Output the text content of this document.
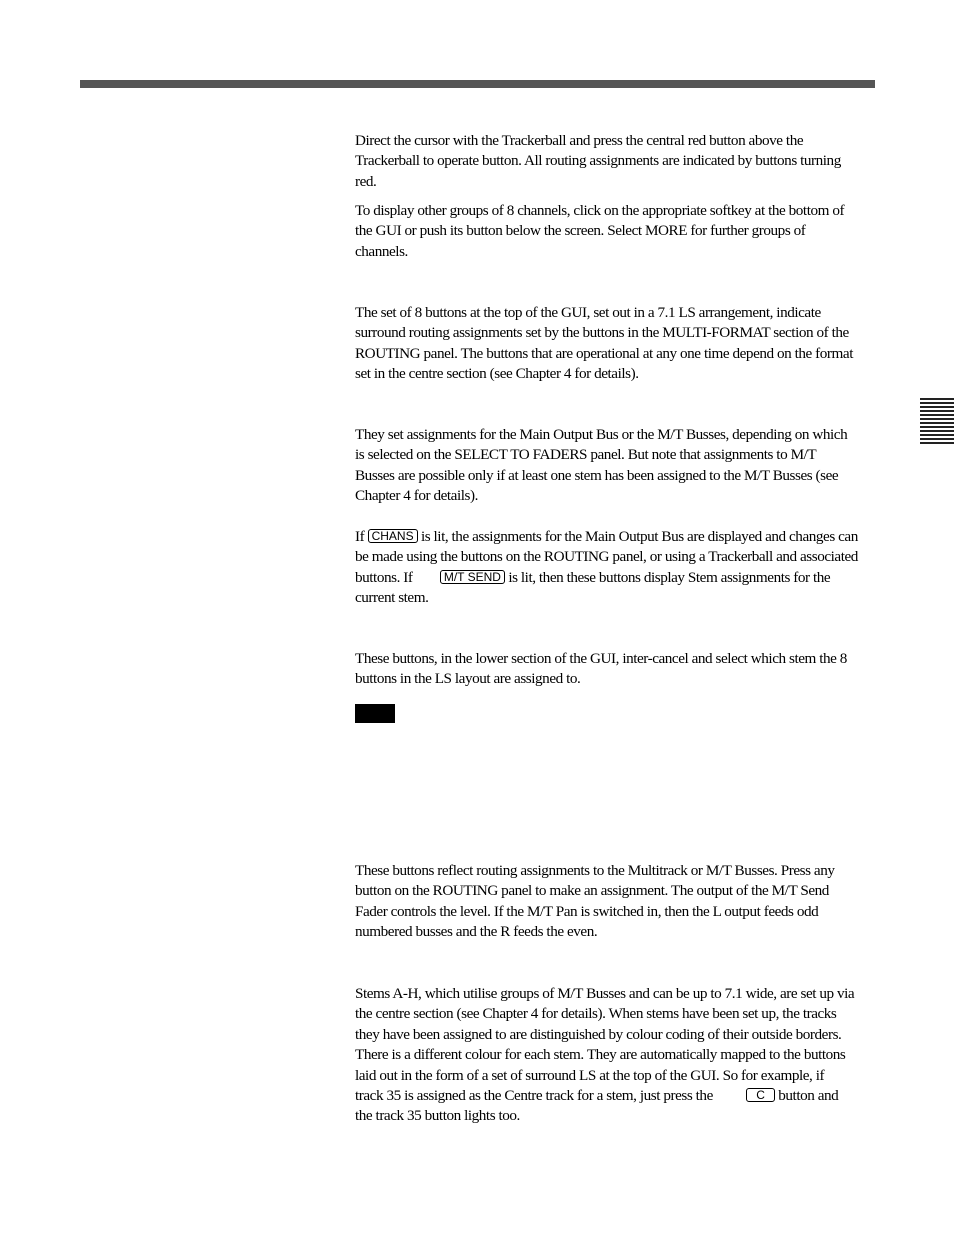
Direct the cursor with the Trackerball and press the central red button above the Trackerball to operate button. All routing assignments are indicated by buttons turning red.

To display other groups of 8 channels, click on the appropriate softkey at the bottom of the GUI or push its button below the screen. Select MORE for further groups of channels.

The set of 8 buttons at the top of the GUI, set out in a 7.1 LS arrangement, indicate surround routing assignments set by the buttons in the MULTI-FORMAT section of the ROUTING panel. The buttons that are operational at any one time depend on the format set in the centre section (see Chapter 4 for details).

They set assignments for the Main Output Bus or the M/T Busses, depending on which is selected on the SELECT TO FADERS panel. But note that assignments to M/T Busses are possible only if at least one stem has been assigned to the M/T Busses (see Chapter 4 for details).

If CHANS is lit, the assignments for the Main Output Bus are displayed and changes can be made using the buttons on the ROUTING panel, or using a Trackerball and associated buttons. If	M/T SEND is lit, then these buttons display Stem assignments for the current stem.

These buttons, in the lower section of the GUI, inter-cancel and select which stem the 8 buttons in the LS layout are assigned to.

These buttons reflect routing assignments to the Multitrack or M/T Busses. Press any button on the ROUTING panel to make an assignment. The output of the M/T Send Fader controls the level. If the M/T Pan is switched in, then the L output feeds odd numbered busses and the R feeds the even.

Stems A-H, which utilise groups of M/T Busses and can be up to 7.1 wide, are set up via the centre section (see Chapter 4 for details). When stems have been set up, the tracks they have been assigned to are distinguished by colour coding of their outside borders. There is a different colour for each stem. They are automatically mapped to the buttons laid out in the form of a set of surround LS at the top of the GUI. So for example, if track 35 is assigned as the Centre track for a stem, just press the	C button and the track 35 button lights too.
